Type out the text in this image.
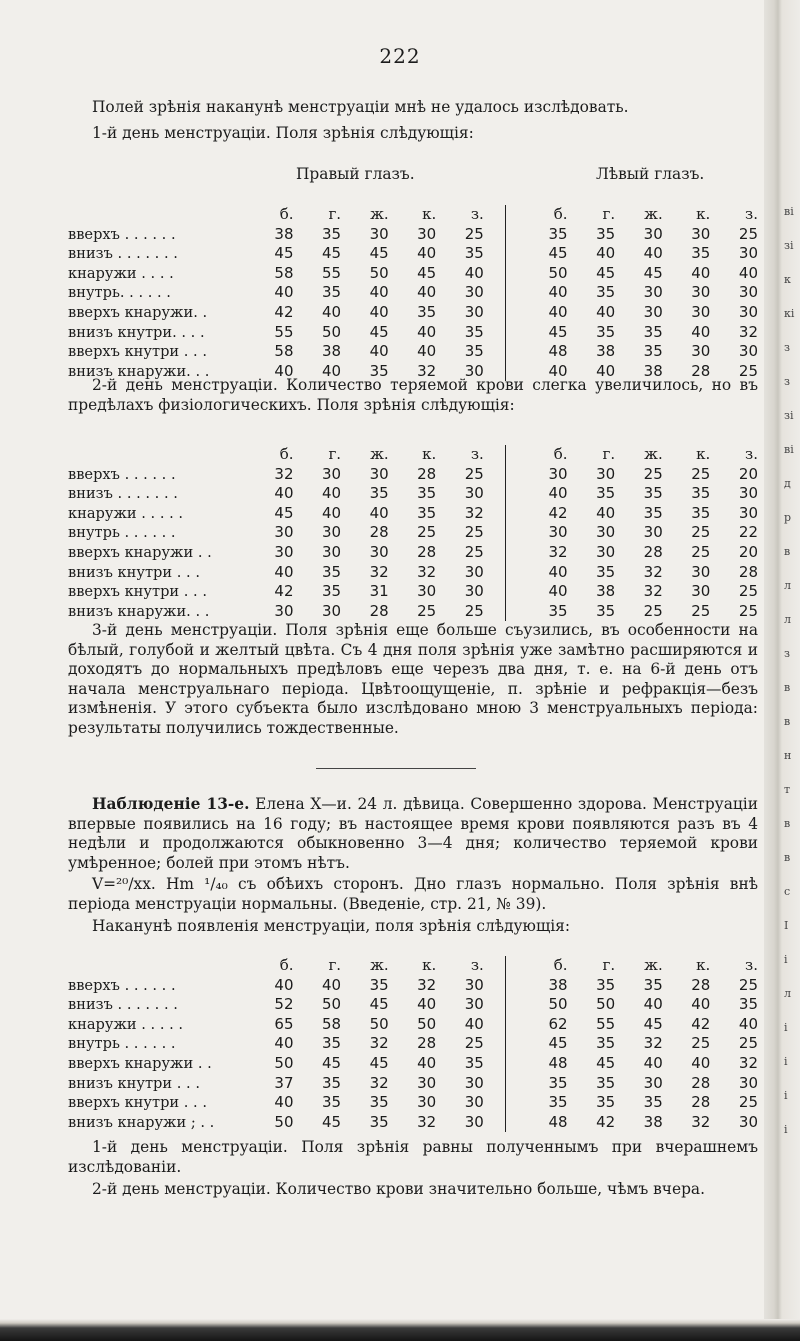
222

Полей зрѣнія наканунѣ менструаціи мнѣ не удалось изслѣдовать.

1-й день менструаціи. Поля зрѣнія слѣдующія:

Правый глазъ.	Лѣвый глазъ.
	б.	г.	ж.	к.	з.			б.	г.	ж.	к.	з.
вверхъ . . . . . .	38	35	30	30	25			35	35	30	30	25
внизъ . . . . . . .	45	45	45	40	35			45	40	40	35	30
кнаружи . . . .	58	55	50	45	40			50	45	45	40	40
внутрь. . . . . .	40	35	40	40	30			40	35	30	30	30
вверхъ кнаружи. .	42	40	40	35	30			40	40	30	30	30
внизъ кнутри. . . .	55	50	45	40	35			45	35	35	40	32
вверхъ кнутри . . .	58	38	40	40	35			48	38	35	30	30
внизъ кнаружи. . .	40	40	35	32	30			40	40	38	28	25

2-й день менструаціи. Количество теряемой крови слегка увеличилось, но въ предѣлахъ физіологическихъ. Поля зрѣнія слѣдующія:

	б.	г.	ж.	к.	з.			б.	г.	ж.	к.	з.
вверхъ . . . . . .	32	30	30	28	25			30	30	25	25	20
внизъ . . . . . . .	40	40	35	35	30			40	35	35	35	30
кнаружи . . . . .	45	40	40	35	32			42	40	35	35	30
внутрь . . . . . .	30	30	28	25	25			30	30	30	25	22
вверхъ кнаружи . .	30	30	30	28	25			32	30	28	25	20
внизъ кнутри . . .	40	35	32	32	30			40	35	32	30	28
вверхъ кнутри . . .	42	35	31	30	30			40	38	32	30	25
внизъ кнаружи. . .	30	30	28	25	25			35	35	25	25	25

3-й день менструаціи. Поля зрѣнія еще больше съузились, въ особенности на бѣлый, голубой и желтый цвѣта. Съ 4 дня поля зрѣнія уже замѣтно расширяются и доходятъ до нормальныхъ предѣловъ еще черезъ два дня, т. е. на 6-й день отъ начала менструальнаго періода. Цвѣтоощущеніе, п. зрѣніе и рефракція—безъ измѣненія. У этого субъекта было изслѣдовано мною 3 менструальныхъ періода: результаты получились тождественные.

Наблюденіе 13-е. Елена Х—и. 24 л. дѣвица. Совершенно здорова. Менструаціи впервые появились на 16 году; въ настоящее время крови появляются разъ въ 4 недѣли и продолжаются обыкновенно 3—4 дня; количество теряемой крови умѣренное; болей при этомъ нѣтъ.

V=²⁰/xx. Hm ¹/₄₀ съ обѣихъ сторонъ. Дно глазъ нормально. Поля зрѣнія внѣ періода менструаціи нормальны. (Введеніе, стр. 21, № 39).

Наканунѣ появленія менструаціи, поля зрѣнія слѣдующія:

	б.	г.	ж.	к.	з.			б.	г.	ж.	к.	з.
вверхъ . . . . . .	40	40	35	32	30			38	35	35	28	25
внизъ . . . . . . .	52	50	45	40	30			50	50	40	40	35
кнаружи . . . . .	65	58	50	50	40			62	55	45	42	40
внутрь . . . . . .	40	35	32	28	25			45	35	32	25	25
вверхъ кнаружи . .	50	45	45	40	35			48	45	40	40	32
внизъ кнутри . . .	37	35	32	30	30			35	35	30	28	30
вверхъ кнутри . . .	40	35	35	30	30			35	35	35	28	25
внизъ кнаружи ; . .	50	45	35	32	30			48	42	38	32	30

1-й день менструаціи. Поля зрѣнія равны полученнымъ при вчерашнемъ изслѣдованіи.

2-й день менструаціи. Количество крови значительно больше, чѣмъ вчера.

ві
зі
к
кі
з
з
зі
ві
д
р
в
л
л
з
в
в
н
т
в
в
с
І
і
л
і
і
і
і
